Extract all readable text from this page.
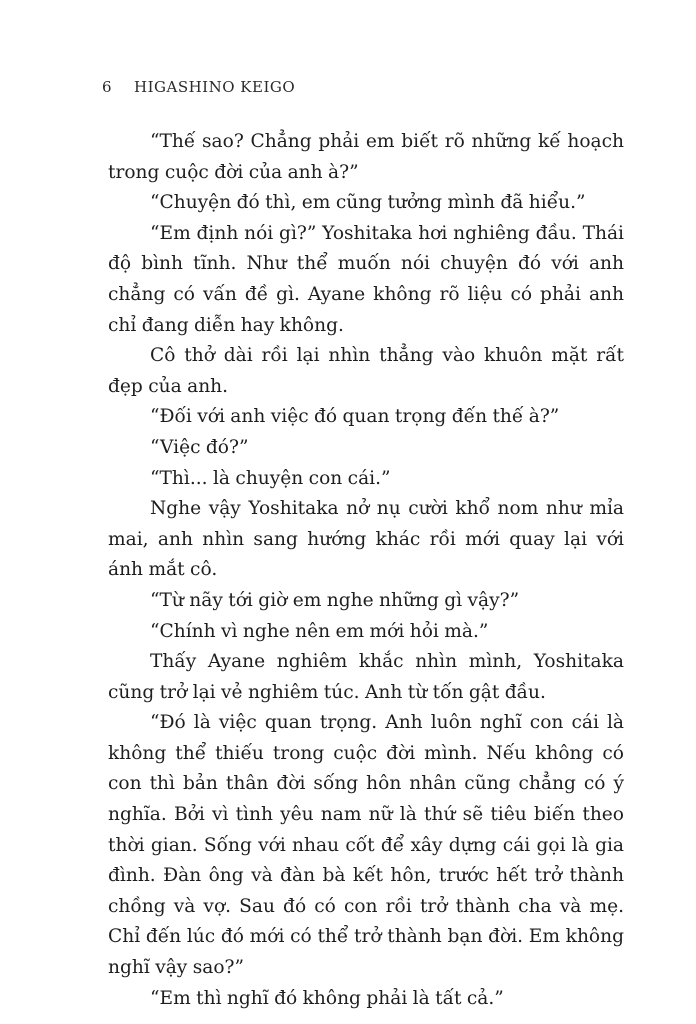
6 HIGASHINO KEIGO

“Thế sao? Chẳng phải em biết rõ những kế hoạch trong cuộc đời của anh à?”

“Chuyện đó thì, em cũng tưởng mình đã hiểu.”

“Em định nói gì?” Yoshitaka hơi nghiêng đầu. Thái độ bình tĩnh. Như thể muốn nói chuyện đó với anh chẳng có vấn đề gì. Ayane không rõ liệu có phải anh chỉ đang diễn hay không.

Cô thở dài rồi lại nhìn thẳng vào khuôn mặt rất đẹp của anh.

“Đối với anh việc đó quan trọng đến thế à?”

“Việc đó?”

“Thì... là chuyện con cái.”

Nghe vậy Yoshitaka nở nụ cười khổ nom như mỉa mai, anh nhìn sang hướng khác rồi mới quay lại với ánh mắt cô.

“Từ nãy tới giờ em nghe những gì vậy?”

“Chính vì nghe nên em mới hỏi mà.”

Thấy Ayane nghiêm khắc nhìn mình, Yoshitaka cũng trở lại vẻ nghiêm túc. Anh từ tốn gật đầu.

“Đó là việc quan trọng. Anh luôn nghĩ con cái là không thể thiếu trong cuộc đời mình. Nếu không có con thì bản thân đời sống hôn nhân cũng chẳng có ý nghĩa. Bởi vì tình yêu nam nữ là thứ sẽ tiêu biến theo thời gian. Sống với nhau cốt để xây dựng cái gọi là gia đình. Đàn ông và đàn bà kết hôn, trước hết trở thành chồng và vợ. Sau đó có con rồi trở thành cha và mẹ. Chỉ đến lúc đó mới có thể trở thành bạn đời. Em không nghĩ vậy sao?”

“Em thì nghĩ đó không phải là tất cả.”
